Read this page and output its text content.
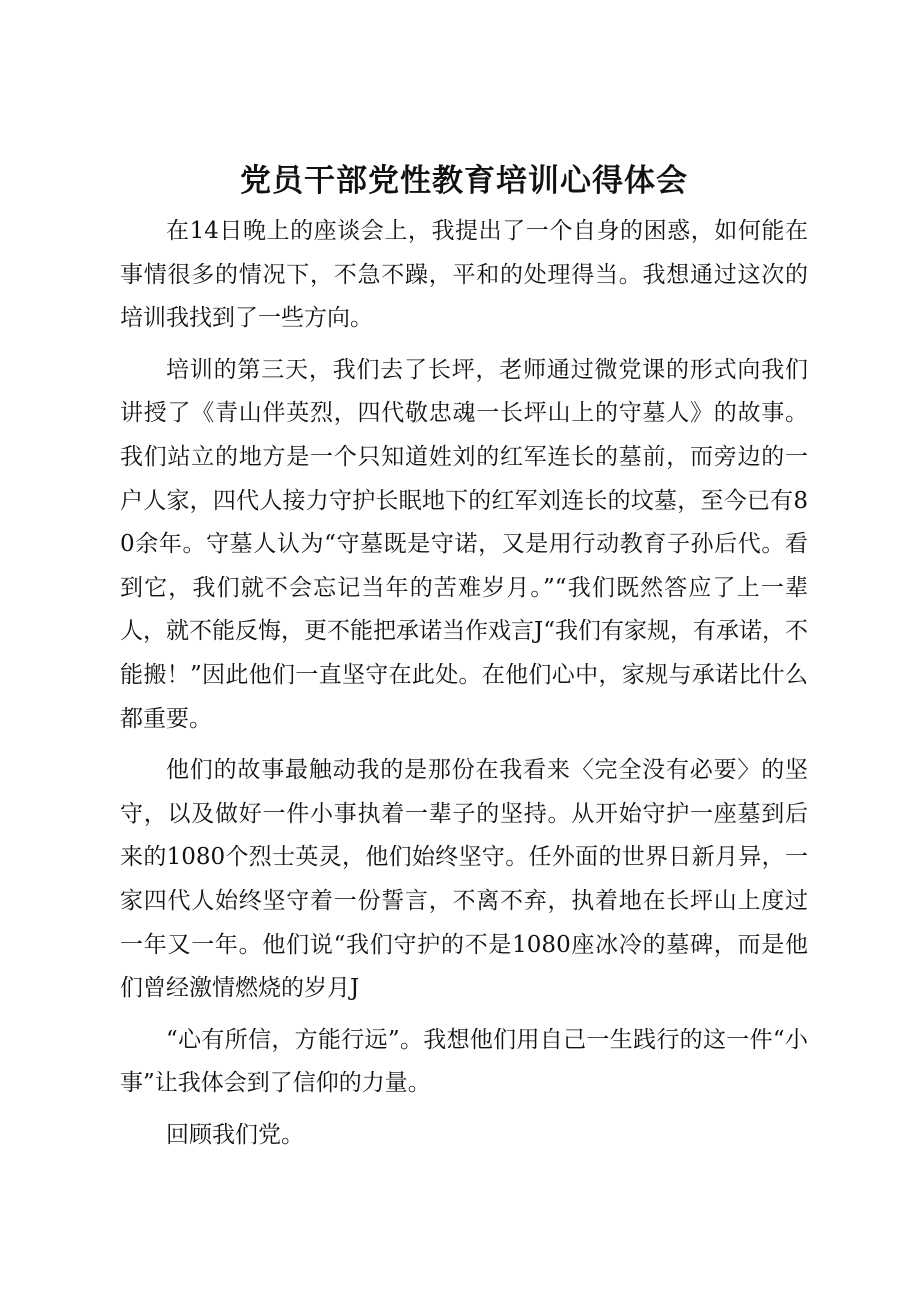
党员干部党性教育培训心得体会

在14日晚上的座谈会上，我提出了一个自身的困惑，如何能在事情很多的情况下，不急不躁，平和的处理得当。我想通过这次的培训我找到了一些方向。

培训的第三天，我们去了长坪，老师通过微党课的形式向我们讲授了《青山伴英烈，四代敬忠魂一长坪山上的守墓人》的故事。我们站立的地方是一个只知道姓刘的红军连长的墓前，而旁边的一户人家，四代人接力守护长眠地下的红军刘连长的坟墓，至今已有80余年。守墓人认为“守墓既是守诺，又是用行动教育子孙后代。看到它，我们就不会忘记当年的苦难岁月。”“我们既然答应了上一辈人，就不能反悔，更不能把承诺当作戏言J“我们有家规，有承诺，不能搬！”因此他们一直坚守在此处。在他们心中，家规与承诺比什么都重要。

他们的故事最触动我的是那份在我看来〈完全没有必要〉的坚守，以及做好一件小事执着一辈子的坚持。从开始守护一座墓到后来的1080个烈士英灵，他们始终坚守。任外面的世界日新月异，一家四代人始终坚守着一份誓言，不离不弃，执着地在长坪山上度过一年又一年。他们说“我们守护的不是1080座冰冷的墓碑，而是他们曾经激情燃烧的岁月J

“心有所信，方能行远”。我想他们用自己一生践行的这一件“小事”让我体会到了信仰的力量。

回顾我们党。
